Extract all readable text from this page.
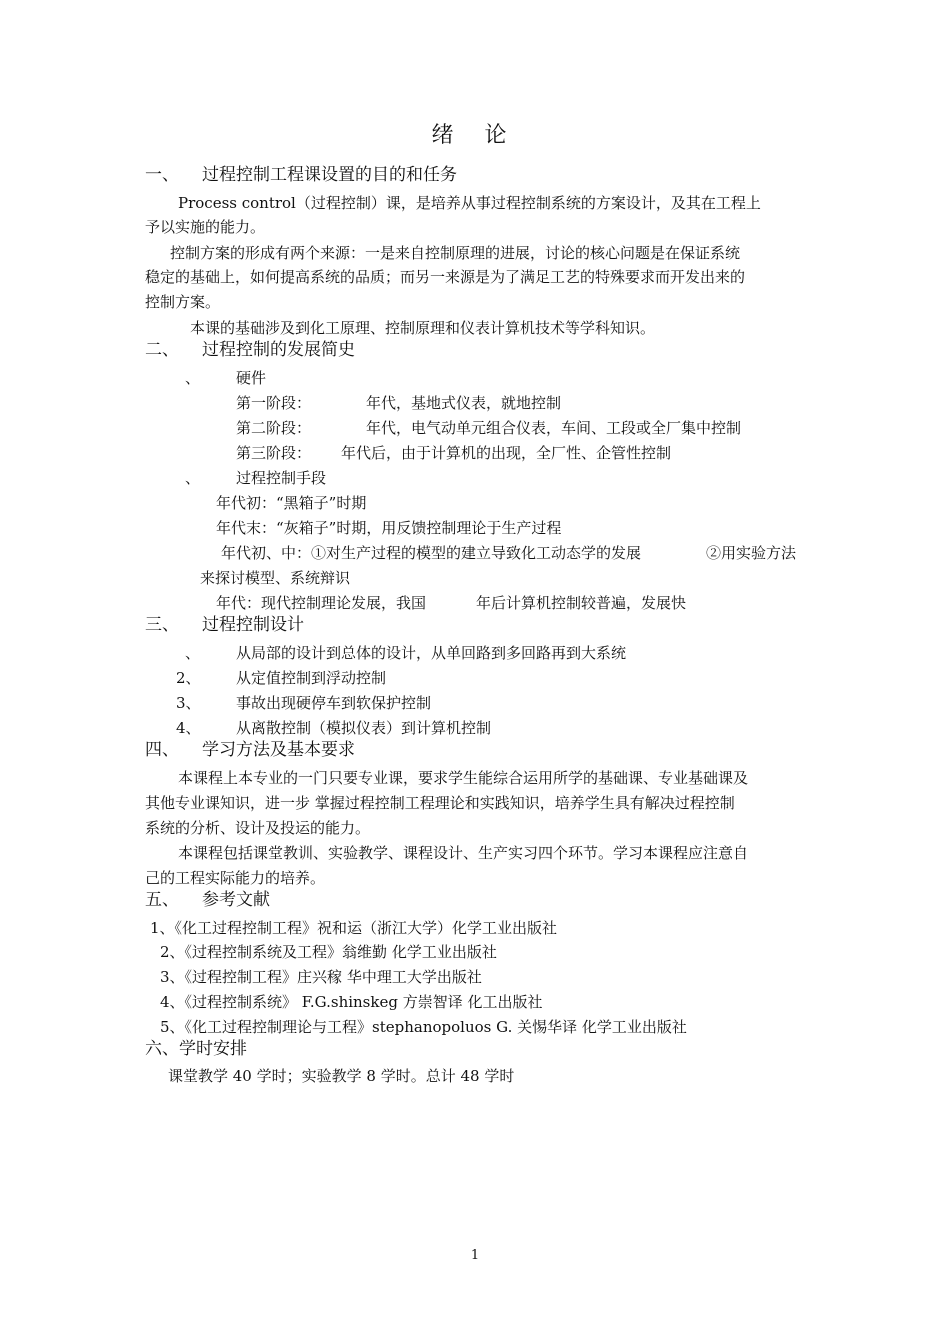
绪 论
一、 过程控制工程课设置的目的和任务
Process control（过程控制）课，是培养从事过程控制系统的方案设计，及其在工程上
予以实施的能力。
控制方案的形成有两个来源：一是来自控制原理的进展，讨论的核心问题是在保证系统
稳定的基础上，如何提高系统的品质；而另一来源是为了满足工艺的特殊要求而开发出来的
控制方案。
本课的基础涉及到化工原理、控制原理和仪表计算机技术等学科知识。
二、 过程控制的发展简史
、 硬件
第一阶段：	年代，基地式仪表，就地控制
第二阶段：	年代，电气动单元组合仪表，车间、工段或全厂集中控制
第三阶段： 年代后，由于计算机的出现，全厂性、企管性控制
、 过程控制手段
年代初：“黑箱子”时期
年代末：“灰箱子”时期，用反馈控制理论于生产过程
年代初、中：①对生产过程的模型的建立导致化工动态学的发展	②用实验方法
来探讨模型、系统辩识
年代：现代控制理论发展，我国	年后计算机控制较普遍，发展快
三、 过程控制设计
、 从局部的设计到总体的设计，从单回路到多回路再到大系统
2、 从定值控制到浮动控制
3、 事故出现硬停车到软保护控制
4、 从离散控制（模拟仪表）到计算机控制
四、 学习方法及基本要求
本课程上本专业的一门只要专业课，要求学生能综合运用所学的基础课、专业基础课及
其他专业课知识，进一步 掌握过程控制工程理论和实践知识，培养学生具有解决过程控制
系统的分析、设计及投运的能力。
本课程包括课堂教训、实验教学、课程设计、生产实习四个环节。学习本课程应注意自
己的工程实际能力的培养。
五、 参考文献
1、《化工过程控制工程》祝和运（浙江大学）化学工业出版社
2、《过程控制系统及工程》翁维勤 化学工业出版社
3、《过程控制工程》庄兴稼 华中理工大学出版社
4、《过程控制系统》 F.G.shinskeg 方崇智译 化工出版社
5、《化工过程控制理论与工程》stephanopoluos G. 关惕华译 化学工业出版社
六、学时安排
课堂教学 40 学时；实验教学 8 学时。总计 48 学时
1
